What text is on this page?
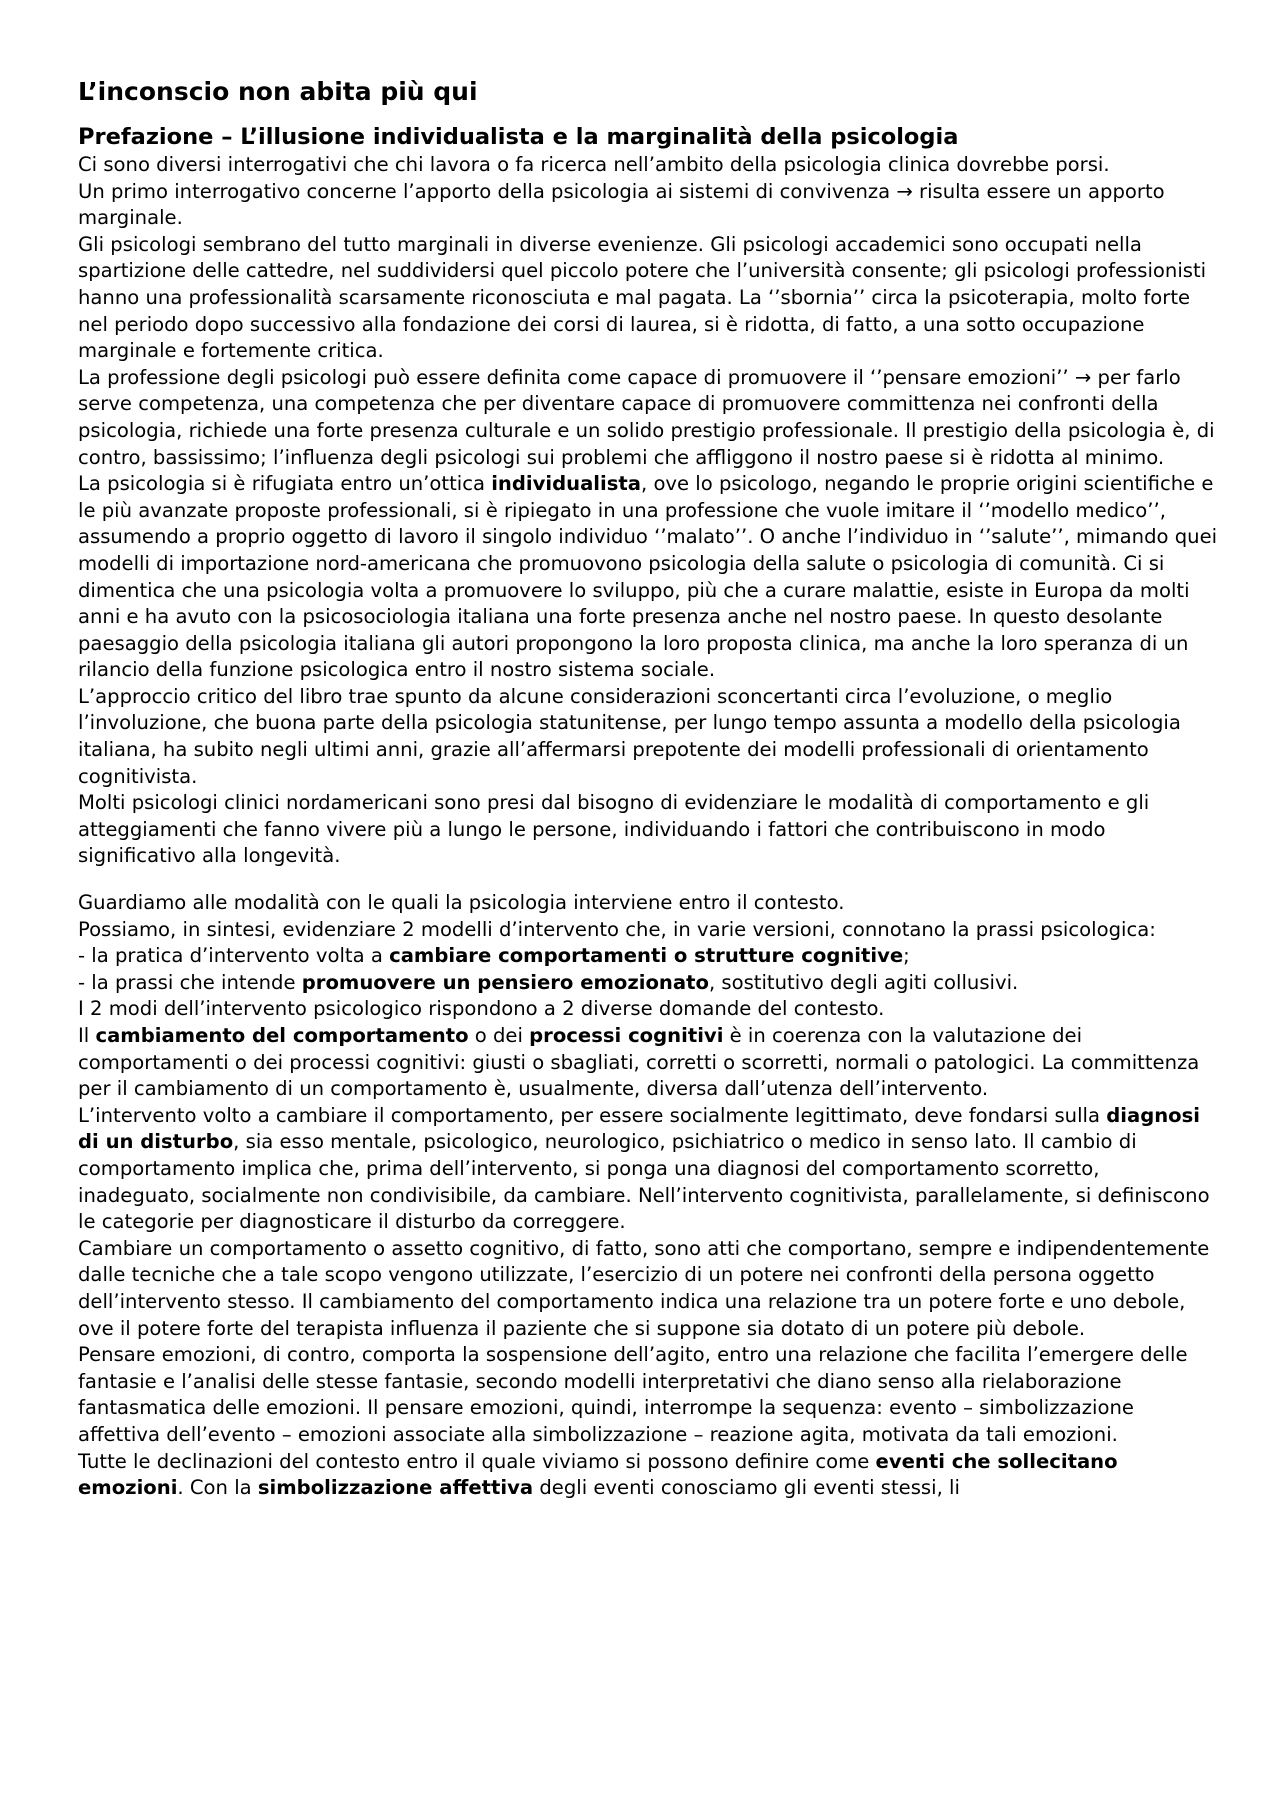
L’inconscio non abita più qui
Prefazione – L’illusione individualista e la marginalità della psicologia

Ci sono diversi interrogativi che chi lavora o fa ricerca nell’ambito della psicologia clinica dovrebbe porsi.

Un primo interrogativo concerne l’apporto della psicologia ai sistemi di convivenza → risulta essere un apporto marginale.

Gli psicologi sembrano del tutto marginali in diverse evenienze. Gli psicologi accademici sono occupati nella spartizione delle cattedre, nel suddividersi quel piccolo potere che l’università consente; gli psicologi professionisti hanno una professionalità scarsamente riconosciuta e mal pagata. La ‘’sbornia’’ circa la psicoterapia, molto forte nel periodo dopo successivo alla fondazione dei corsi di laurea, si è ridotta, di fatto, a una sotto occupazione marginale e fortemente critica.

La professione degli psicologi può essere definita come capace di promuovere il ‘’pensare emozioni’’ → per farlo serve competenza, una competenza che per diventare capace di promuovere committenza nei confronti della psicologia, richiede una forte presenza culturale e un solido prestigio professionale. Il prestigio della psicologia è, di contro, bassissimo; l’influenza degli psicologi sui problemi che affliggono il nostro paese si è ridotta al minimo.

La psicologia si è rifugiata entro un’ottica individualista, ove lo psicologo, negando le proprie origini scientifiche e le più avanzate proposte professionali, si è ripiegato in una professione che vuole imitare il ‘’modello medico’’, assumendo a proprio oggetto di lavoro il singolo individuo ‘’malato’’. O anche l’individuo in ‘’salute’’, mimando quei modelli di importazione nord-americana che promuovono psicologia della salute o psicologia di comunità. Ci si dimentica che una psicologia volta a promuovere lo sviluppo, più che a curare malattie, esiste in Europa da molti anni e ha avuto con la psicosociologia italiana una forte presenza anche nel nostro paese. In questo desolante paesaggio della psicologia italiana gli autori propongono la loro proposta clinica, ma anche la loro speranza di un rilancio della funzione psicologica entro il nostro sistema sociale.

L’approccio critico del libro trae spunto da alcune considerazioni sconcertanti circa l’evoluzione, o meglio l’involuzione, che buona parte della psicologia statunitense, per lungo tempo assunta a modello della psicologia italiana, ha subito negli ultimi anni, grazie all’affermarsi prepotente dei modelli professionali di orientamento cognitivista.

Molti psicologi clinici nordamericani sono presi dal bisogno di evidenziare le modalità di comportamento e gli atteggiamenti che fanno vivere più a lungo le persone, individuando i fattori che contribuiscono in modo significativo alla longevità.

Guardiamo alle modalità con le quali la psicologia interviene entro il contesto.

Possiamo, in sintesi, evidenziare 2 modelli d’intervento che, in varie versioni, connotano la prassi psicologica:

- la pratica d’intervento volta a cambiare comportamenti o strutture cognitive;

- la prassi che intende promuovere un pensiero emozionato, sostitutivo degli agiti collusivi.

I 2 modi dell’intervento psicologico rispondono a 2 diverse domande del contesto.

Il cambiamento del comportamento o dei processi cognitivi è in coerenza con la valutazione dei comportamenti o dei processi cognitivi: giusti o sbagliati, corretti o scorretti, normali o patologici. La committenza per il cambiamento di un comportamento è, usualmente, diversa dall’utenza dell’intervento.

L’intervento volto a cambiare il comportamento, per essere socialmente legittimato, deve fondarsi sulla diagnosi di un disturbo, sia esso mentale, psicologico, neurologico, psichiatrico o medico in senso lato. Il cambio di comportamento implica che, prima dell’intervento, si ponga una diagnosi del comportamento scorretto, inadeguato, socialmente non condivisibile, da cambiare. Nell’intervento cognitivista, parallelamente, si definiscono le categorie per diagnosticare il disturbo da correggere.

Cambiare un comportamento o assetto cognitivo, di fatto, sono atti che comportano, sempre e indipendentemente dalle tecniche che a tale scopo vengono utilizzate, l’esercizio di un potere nei confronti della persona oggetto dell’intervento stesso. Il cambiamento del comportamento indica una relazione tra un potere forte e uno debole, ove il potere forte del terapista influenza il paziente che si suppone sia dotato di un potere più debole.

Pensare emozioni, di contro, comporta la sospensione dell’agito, entro una relazione che facilita l’emergere delle fantasie e l’analisi delle stesse fantasie, secondo modelli interpretativi che diano senso alla rielaborazione fantasmatica delle emozioni. Il pensare emozioni, quindi, interrompe la sequenza: evento – simbolizzazione affettiva dell’evento – emozioni associate alla simbolizzazione – reazione agita, motivata da tali emozioni.

Tutte le declinazioni del contesto entro il quale viviamo si possono definire come eventi che sollecitano emozioni. Con la simbolizzazione affettiva degli eventi conosciamo gli eventi stessi, li
